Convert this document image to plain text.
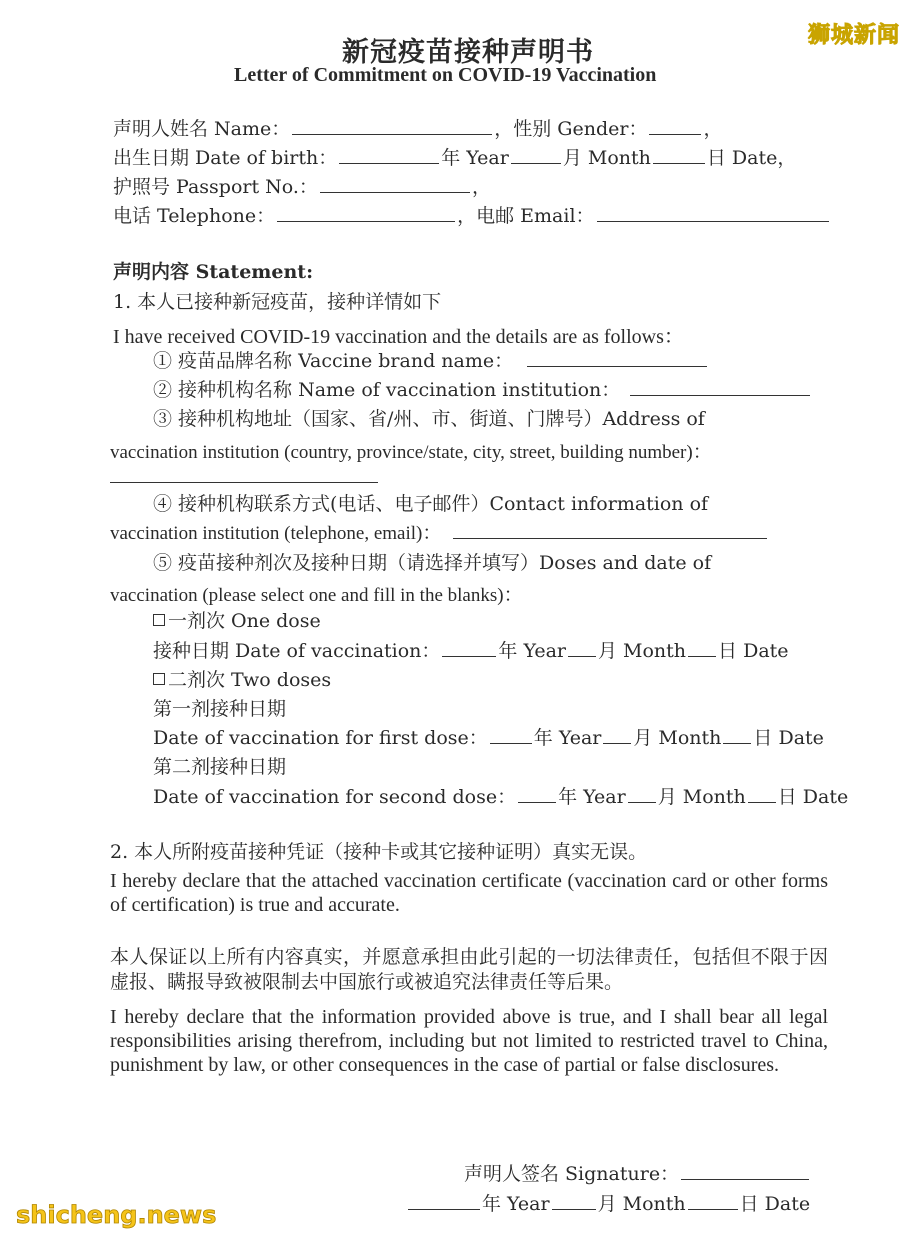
狮城新闻
新冠疫苗接种声明书
Letter of Commitment on COVID-19 Vaccination
声明人姓名 Name：	，性别 Gender：	，
出生日期 Date of birth：	年 Year	月 Month	日 Date，
护照号 Passport No.：	，
电话 Telephone：	，电邮 Email：
声明内容 Statement:
1. 本人已接种新冠疫苗，接种详情如下
I have received COVID-19 vaccination and the details are as follows：
① 疫苗品牌名称 Vaccine brand name：
② 接种机构名称 Name of vaccination institution：
③ 接种机构地址（国家、省/州、市、街道、门牌号）Address of
vaccination institution (country, province/state, city, street, building number)：
④ 接种机构联系方式(电话、电子邮件）Contact information of
vaccination institution (telephone, email)：
⑤ 疫苗接种剂次及接种日期（请选择并填写）Doses and date of
vaccination (please select one and fill in the blanks)：
一剂次 One dose
接种日期 Date of vaccination：	年 Year 月 Month 日 Date
二剂次 Two doses
第一剂接种日期
Date of vaccination for first dose： 年 Year 月 Month 日 Date
第二剂接种日期
Date of vaccination for second dose： 年 Year 月 Month 日 Date
2. 本人所附疫苗接种凭证（接种卡或其它接种证明）真实无误。
I hereby declare that the attached vaccination certificate (vaccination card or other forms of certification) is true and accurate.
本人保证以上所有内容真实，并愿意承担由此引起的一切法律责任，包括但不限于因虚报、瞒报导致被限制去中国旅行或被追究法律责任等后果。
I hereby declare that the information provided above is true, and I shall bear all legal responsibilities arising therefrom, including but not limited to restricted travel to China, punishment by law, or other consequences in the case of partial or false disclosures.
声明人签名 Signature：
年 Year	月 Month	日 Date
shicheng.news
